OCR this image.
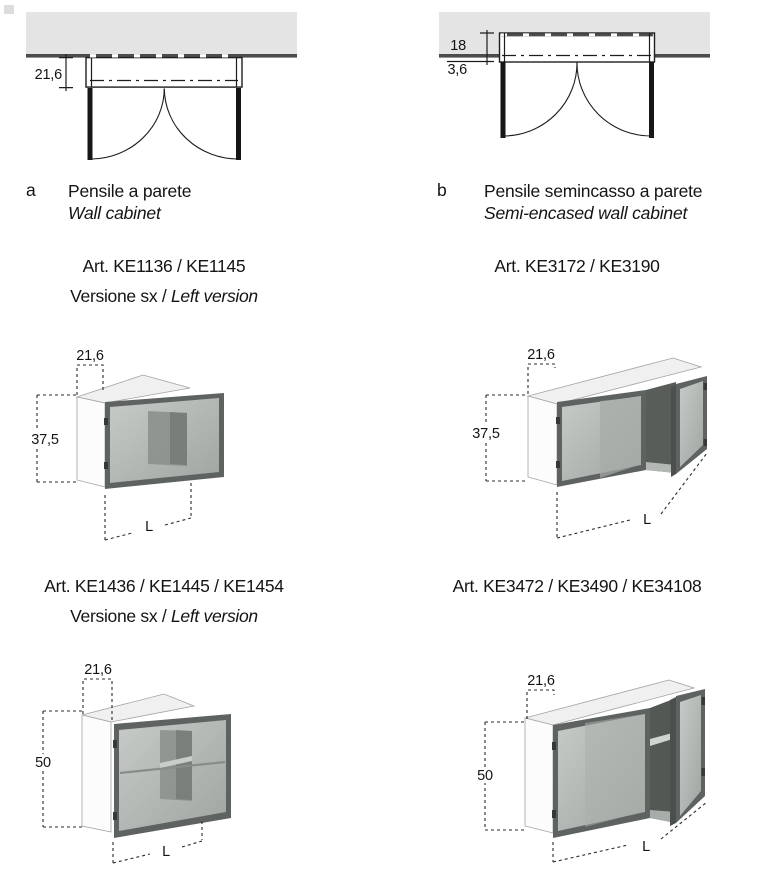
21,6
18
3,6
a Pensile a parete
Wall cabinet
b Pensile semincasso a parete
Semi-encased wall cabinet
Art. KE1136 / KE1145
Versione sx / Left version
Art. KE3172 / KE3190
21,6
37,5
L
21,6
37,5
L
Art. KE1436 / KE1445 / KE1454
Versione sx / Left version
Art. KE3472 / KE3490 / KE34108
21,6
50
L
21,6
50
L
